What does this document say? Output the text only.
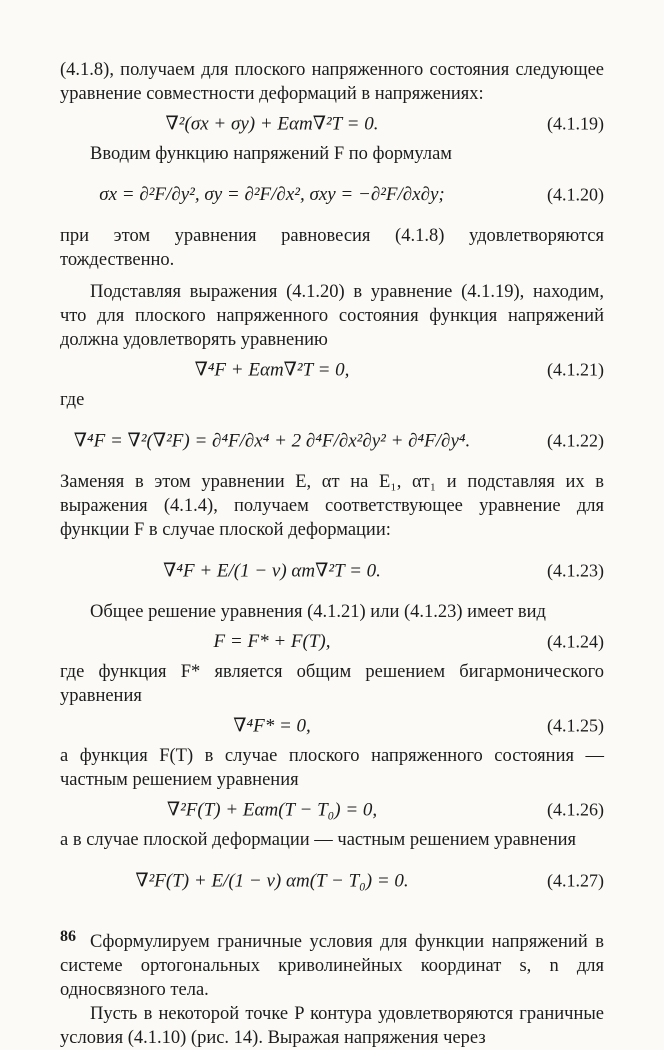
(4.1.8), получаем для плоского напряженного состояния следующее уравнение совместности деформаций в напряжениях:

∇²(σx + σy) + Eαт∇²T = 0.	(4.1.19)

Вводим функцию напряжений F по формулам

σx = ∂²F/∂y², σy = ∂²F/∂x², σxy = −∂²F/∂x∂y;	(4.1.20)

при этом уравнения равновесия (4.1.8) удовлетворяются тождественно.

Подставляя выражения (4.1.20) в уравнение (4.1.19), находим, что для плоского напряженного состояния функция напряжений должна удовлетворять уравнению

∇⁴F + Eαт∇²T = 0,	(4.1.21)

где

∇⁴F = ∇²(∇²F) = ∂⁴F/∂x⁴ + 2 ∂⁴F/∂x²∂y² + ∂⁴F/∂y⁴.	(4.1.22)

Заменяя в этом уравнении E, αт на E₁, αт₁ и подставляя их в выражения (4.1.4), получаем соответствующее уравнение для функции F в случае плоской деформации:

∇⁴F + E/(1 − ν) αт∇²T = 0.	(4.1.23)

Общее решение уравнения (4.1.21) или (4.1.23) имеет вид

F = F* + F(T),	(4.1.24)

где функция F* является общим решением бигармонического уравнения

∇⁴F* = 0,	(4.1.25)

а функция F(T) в случае плоского напряженного состояния — частным решением уравнения

∇²F(T) + Eαт(T − T₀) = 0,	(4.1.26)

а в случае плоской деформации — частным решением уравнения

∇²F(T) + E/(1 − ν) αт(T − T₀) = 0.	(4.1.27)

Сформулируем граничные условия для функции напряжений в системе ортогональных криволинейных координат s, n для односвязного тела.

Пусть в некоторой точке P контура удовлетворяются граничные условия (4.1.10) (рис. 14). Выражая напряжения через

86
